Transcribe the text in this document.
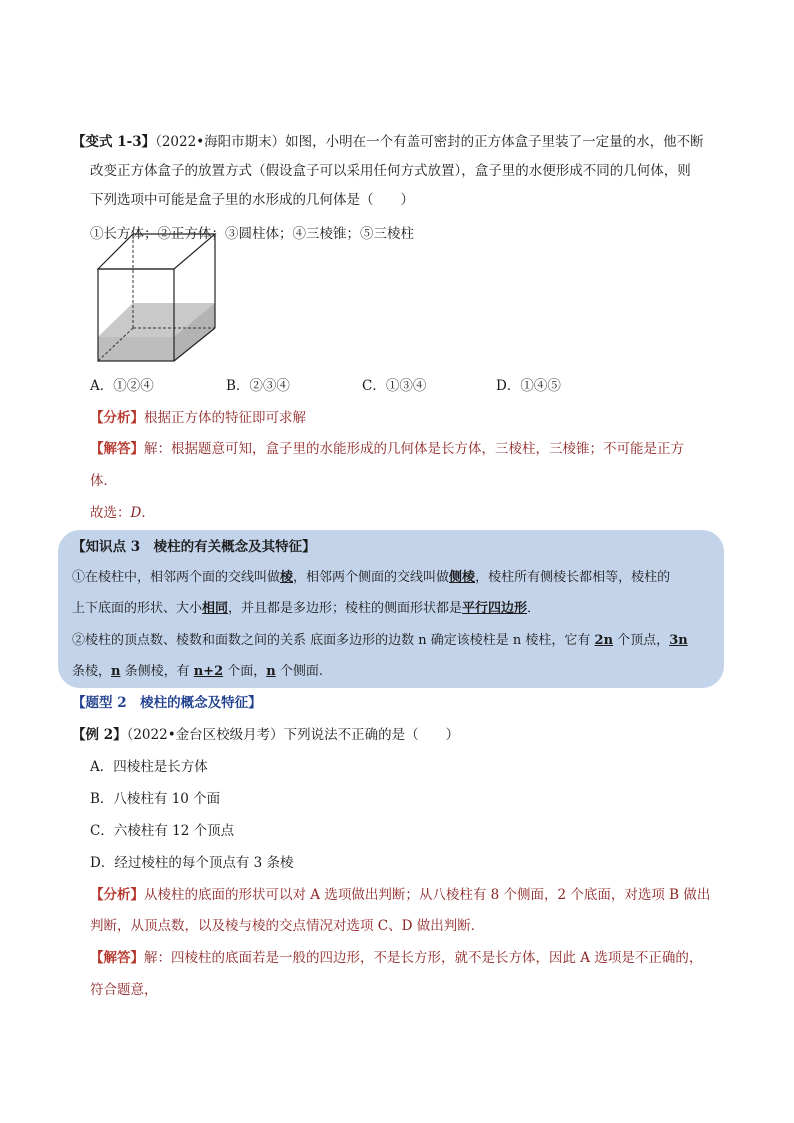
【变式 1-3】（2022•海阳市期末）如图，小明在一个有盖可密封的正方体盒子里装了一定量的水，他不断
改变正方体盒子的放置方式（假设盒子可以采用任何方式放置），盒子里的水便形成不同的几何体，则
下列选项中可能是盒子里的水形成的几何体是（　　）
①长方体；②正方体；③圆柱体；④三棱锥；⑤三棱柱
A．①②④	B．②③④	C．①③④	D．①④⑤
【分析】根据正方体的特征即可求解
【解答】解：根据题意可知，盒子里的水能形成的几何体是长方体，三棱柱，三棱锥；不可能是正方
体．
故选：D．
【知识点 3　棱柱的有关概念及其特征】
①在棱柱中，相邻两个面的交线叫做棱，相邻两个侧面的交线叫做侧棱，棱柱所有侧棱长都相等，棱柱的
上下底面的形状、大小相同，并且都是多边形；棱柱的侧面形状都是平行四边形．
②棱柱的顶点数、棱数和面数之间的关系 底面多边形的边数 n 确定该棱柱是 n 棱柱，它有 2n 个顶点，3n
条棱，n 条侧棱，有 n+2 个面，n 个侧面.
【题型 2　棱柱的概念及特征】
【例 2】（2022•金台区校级月考）下列说法不正确的是（　　）
A．四棱柱是长方体
B．八棱柱有 10 个面
C．六棱柱有 12 个顶点
D．经过棱柱的每个顶点有 3 条棱
【分析】从棱柱的底面的形状可以对 A 选项做出判断；从八棱柱有 8 个侧面，2 个底面，对选项 B 做出
判断，从顶点数，以及棱与棱的交点情况对选项 C、D 做出判断．
【解答】解：四棱柱的底面若是一般的四边形，不是长方形，就不是长方体，因此 A 选项是不正确的，
符合题意，
